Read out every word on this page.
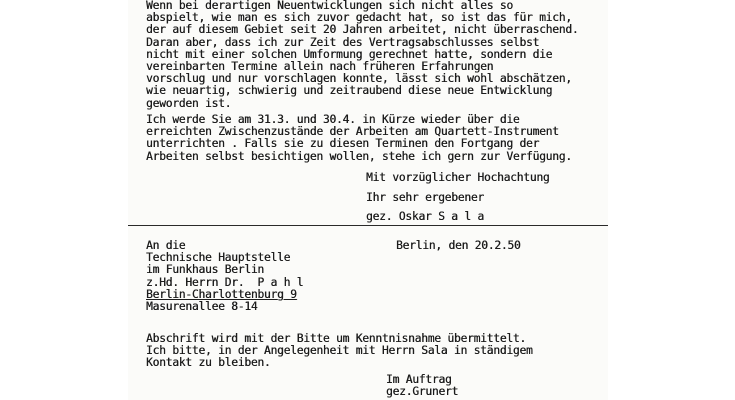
Wenn bei derartigen Neuentwicklungen sich nicht alles so
abspielt, wie man es sich zuvor gedacht hat, so ist das für mich,
der auf diesem Gebiet seit 20 Jahren arbeitet, nicht überraschend.
Daran aber, dass ich zur Zeit des Vertragsabschlusses selbst
nicht mit einer solchen Umformung gerechnet hatte, sondern die
vereinbarten Termine allein nach früheren Erfahrungen
vorschlug und nur vorschlagen konnte, lässt sich wohl abschätzen,
wie neuartig, schwierig und zeitraubend diese neue Entwicklung
geworden ist.
Ich werde Sie am 31.3. und 30.4. in Kürze wieder über die
erreichten Zwischenzustände der Arbeiten am Quartett-Instrument
unterrichten . Falls sie zu diesen Terminen den Fortgang der
Arbeiten selbst besichtigen wollen, stehe ich gern zur Verfügung.
Mit vorzüglicher Hochachtung
Ihr sehr ergebener
gez. Oskar S a l a
An die
Technische Hauptstelle
im Funkhaus Berlin
z.Hd. Herrn Dr.  P a h l
Berlin-Charlottenburg 9
Masurenallee 8-14
Berlin, den 20.2.50
Abschrift wird mit der Bitte um Kenntnisnahme übermittelt.
Ich bitte, in der Angelegenheit mit Herrn Sala in ständigem
Kontakt zu bleiben.
Im Auftrag
gez.Grunert
